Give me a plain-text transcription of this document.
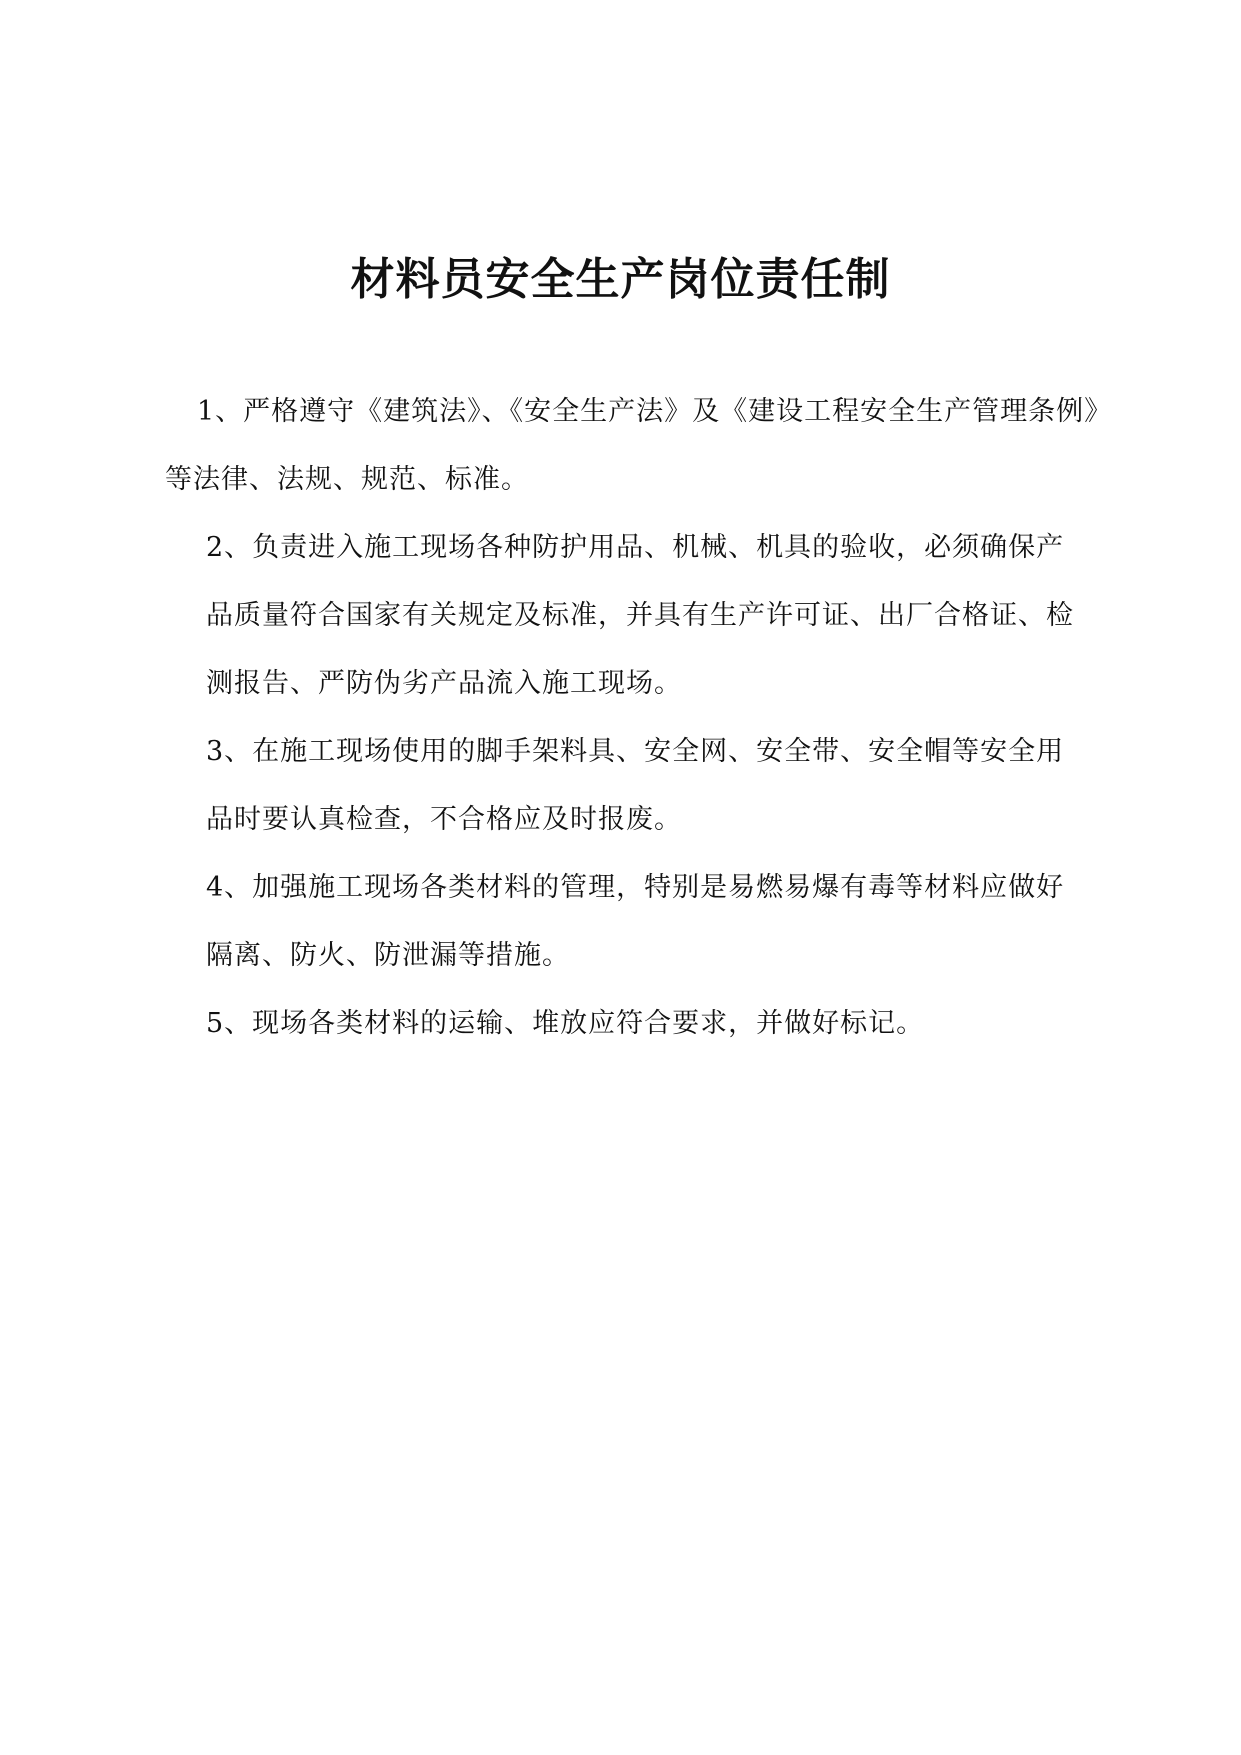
材料员安全生产岗位责任制

1、严格遵守《建筑法》、《安全生产法》及《建设工程安全生产管理条例》
等法律、法规、规范、标准。

2、负责进入施工现场各种防护用品、机械、机具的验收，必须确保产
品质量符合国家有关规定及标准，并具有生产许可证、出厂合格证、检
测报告、严防伪劣产品流入施工现场。

3、在施工现场使用的脚手架料具、安全网、安全带、安全帽等安全用
品时要认真检查，不合格应及时报废。

4、加强施工现场各类材料的管理，特别是易燃易爆有毒等材料应做好
隔离、防火、防泄漏等措施。

5、现场各类材料的运输、堆放应符合要求，并做好标记。
